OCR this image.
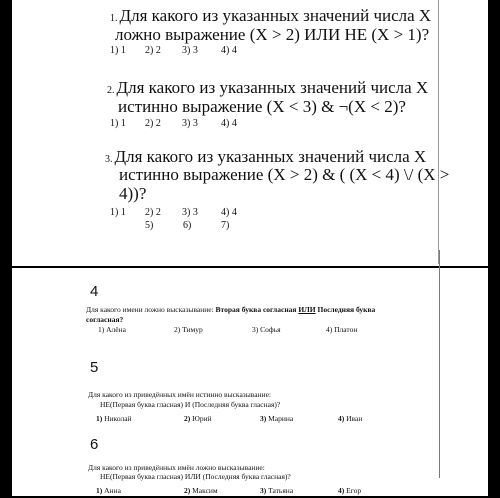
1. Для какого из указанных значений числа X
ложно выражение (X > 2) ИЛИ НЕ (X > 1)?
1) 1 2) 2 3) 3 4) 4
2. Для какого из указанных значений числа X
истинно выражение (X < 3) & ¬(X < 2)?
1) 1 2) 2 3) 3 4) 4
3. Для какого из указанных значений числа X
истинно выражение (X > 2) & ( (X < 4) \/ (X >
4))?
1) 1 2) 2 3) 3 4) 4
5)	6)	7)
4
Для какого имени ложно высказывание: Вторая буква согласная ИЛИ Последняя буква
согласная?
1) Алёна	2) Тимур	3) Софья	4) Платон
5
Для какого из приведённых имён истинно высказывание:
НЕ(Первая буква гласная) И (Последняя буква гласная)?
1) Николай	2) Юрий	3) Марина	4) Иван
6
Для какого из приведённых имён ложно высказывание:
НЕ(Первая буква гласная) ИЛИ (Последняя буква гласная)?
1) Анна	2) Максим	3) Татьяна	4) Егор
